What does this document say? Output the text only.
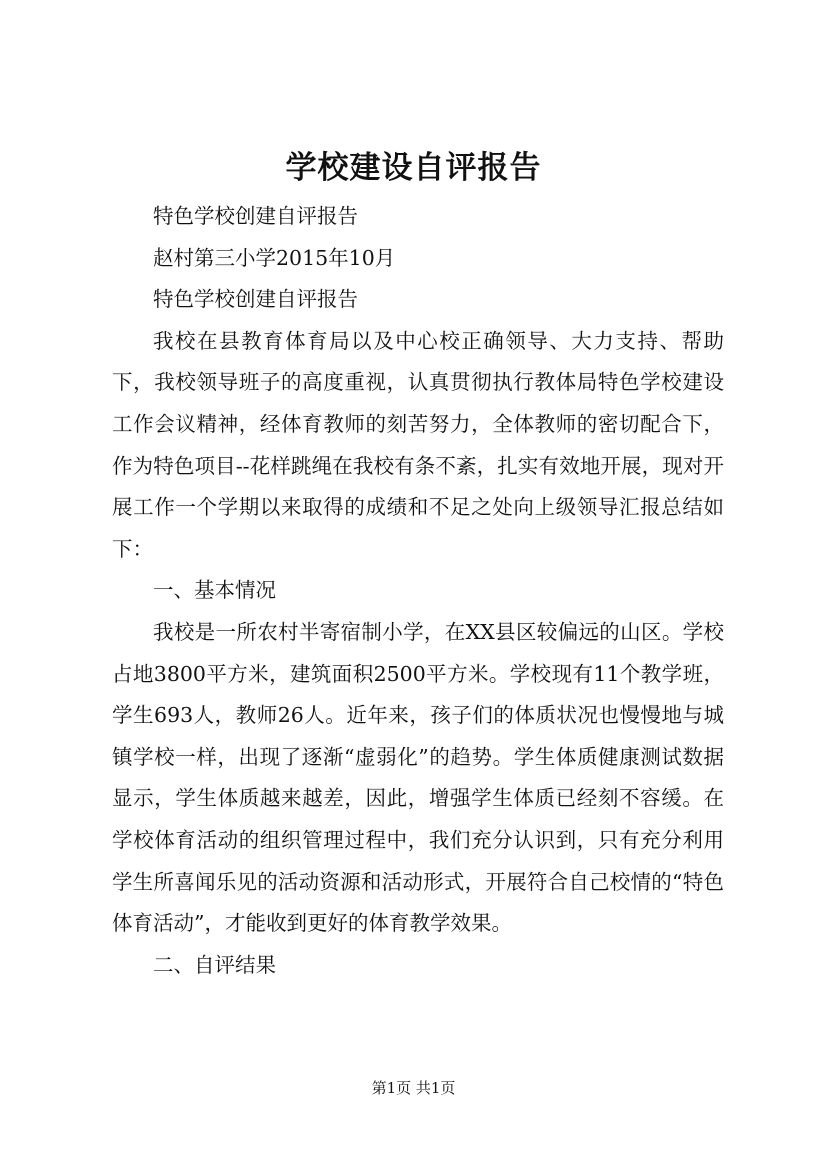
学校建设自评报告

特色学校创建自评报告

赵村第三小学2015年10月

特色学校创建自评报告

我校在县教育体育局以及中心校正确领导、大力支持、帮助下，我校领导班子的高度重视，认真贯彻执行教体局特色学校建设工作会议精神，经体育教师的刻苦努力，全体教师的密切配合下，作为特色项目--花样跳绳在我校有条不紊，扎实有效地开展，现对开展工作一个学期以来取得的成绩和不足之处向上级领导汇报总结如下：

一、基本情况

我校是一所农村半寄宿制小学，在XX县区较偏远的山区。学校占地3800平方米，建筑面积2500平方米。学校现有11个教学班，学生693人，教师26人。近年来，孩子们的体质状况也慢慢地与城镇学校一样，出现了逐渐“虚弱化”的趋势。学生体质健康测试数据显示，学生体质越来越差，因此，增强学生体质已经刻不容缓。在学校体育活动的组织管理过程中，我们充分认识到，只有充分利用学生所喜闻乐见的活动资源和活动形式，开展符合自己校情的“特色体育活动”，才能收到更好的体育教学效果。

二、自评结果

第1页 共1页
